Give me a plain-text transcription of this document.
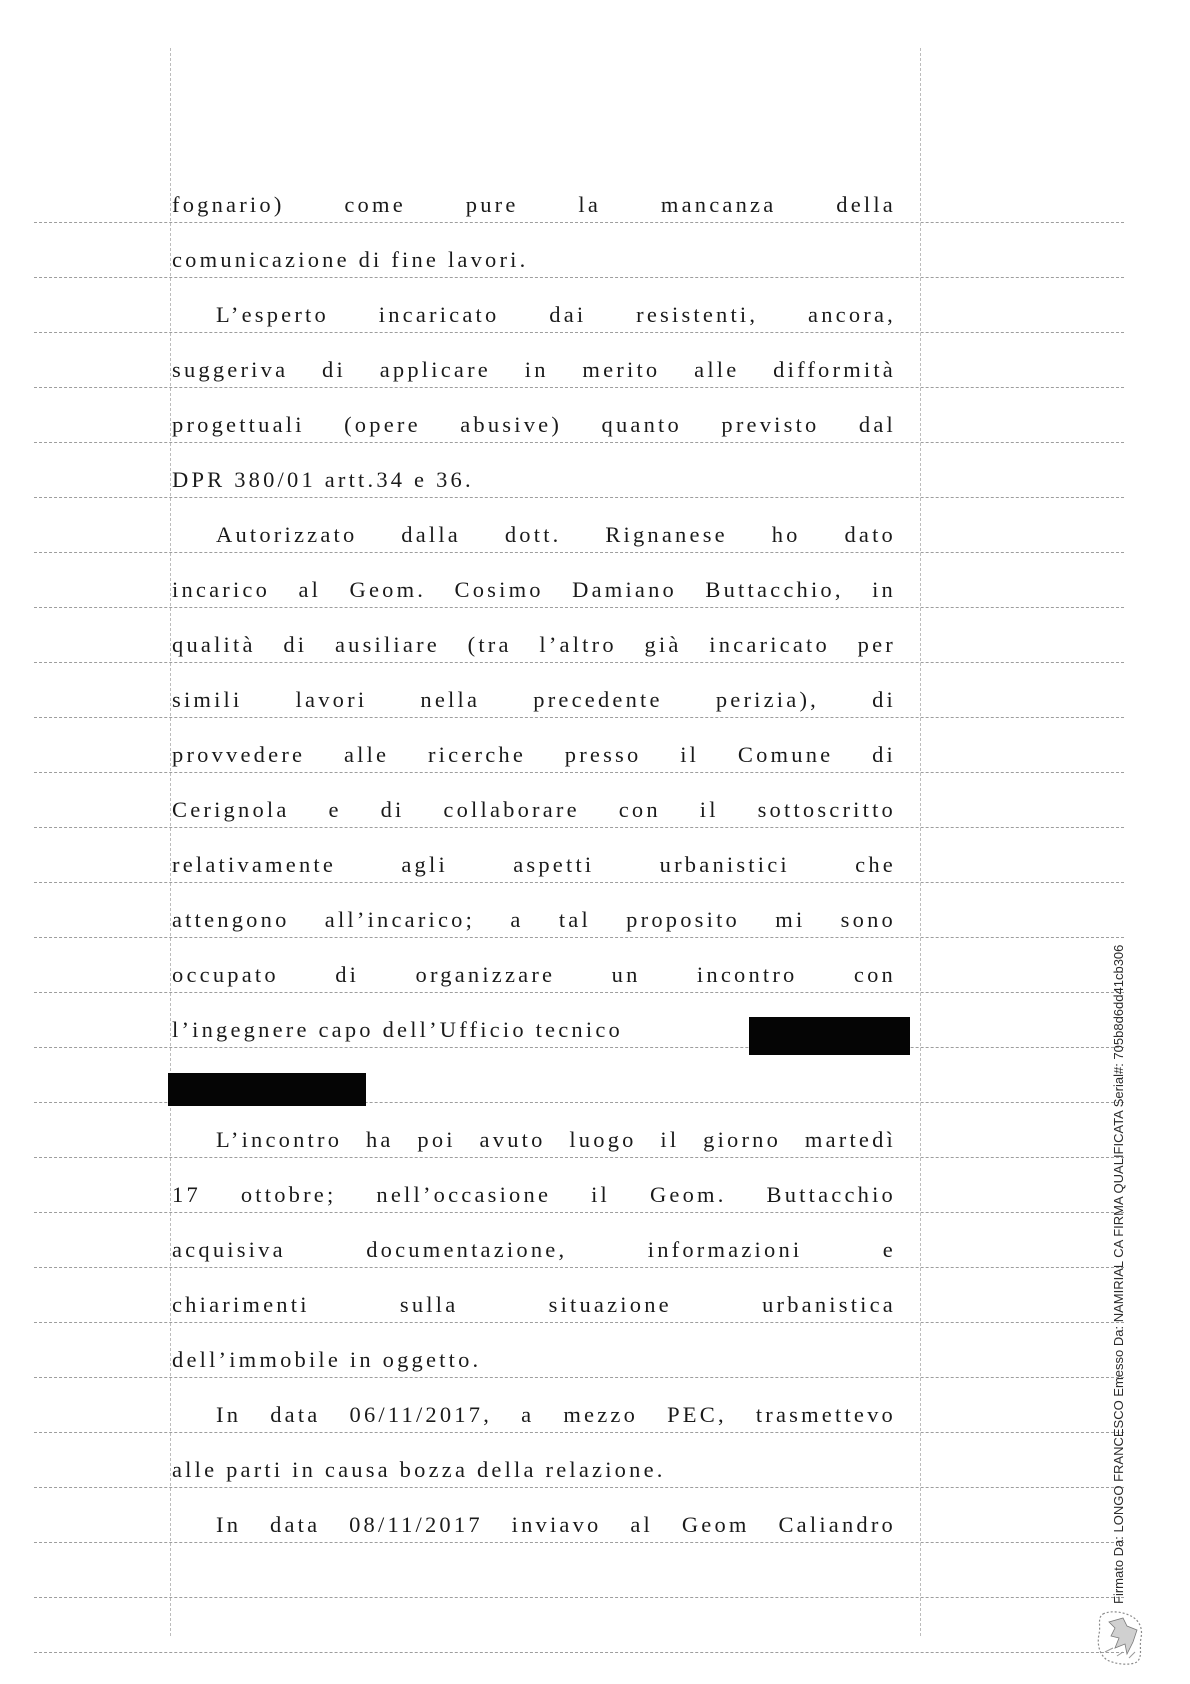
fognario) come pure la mancanza della
comunicazione di fine lavori.
L’esperto incaricato dai resistenti, ancora,
suggeriva di applicare in merito alle difformità
progettuali (opere abusive) quanto previsto dal
DPR 380/01 artt.34 e 36.
Autorizzato dalla dott. Rignanese ho dato
incarico al Geom. Cosimo Damiano Buttacchio, in
qualità di ausiliare (tra l’altro già incaricato per
simili lavori nella precedente perizia), di
provvedere alle ricerche presso il Comune di
Cerignola e di collaborare con il sottoscritto
relativamente agli aspetti urbanistici che
attengono all’incarico; a tal proposito mi sono
occupato di organizzare un incontro con
l’ingegnere capo dell’Ufficio tecnico
L’incontro ha poi avuto luogo il giorno martedì
17 ottobre; nell’occasione il Geom. Buttacchio
acquisiva documentazione, informazioni e
chiarimenti sulla situazione urbanistica
dell’immobile in oggetto.
In data 06/11/2017, a mezzo PEC, trasmettevo
alle parti in causa bozza della relazione.
In data 08/11/2017 inviavo al Geom Caliandro	Firmato Da: LONGO FRANCESCO Emesso Da: NAMIRIAL CA FIRMA QUALIFICATA Serial#: 705b8d6dd41cb306
